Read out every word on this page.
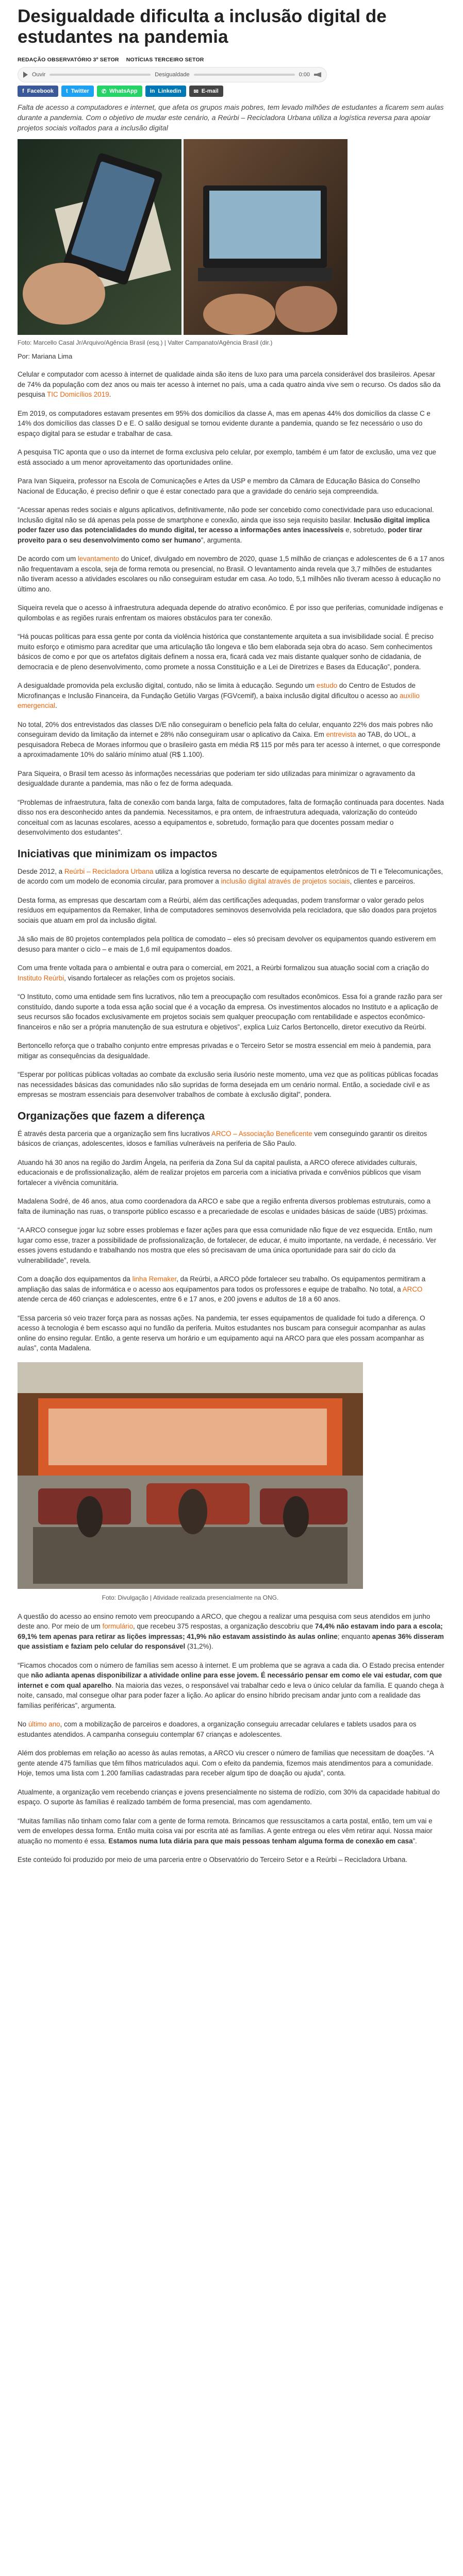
Desigualdade dificulta a inclusão digital de estudantes na pandemia
REDAÇÃO OBSERVATÓRIO 3º SETOR NOTÍCIAS TERCEIRO SETOR
Ouvir	Desigualdade	0:00
f Facebook t Twitter ✆ WhatsApp in Linkedin ✉ E-mail

Falta de acesso a computadores e internet, que afeta os grupos mais pobres, tem levado milhões de estudantes a ficarem sem aulas durante a pandemia. Com o objetivo de mudar este cenário, a Reúrbi – Recicladora Urbana utiliza a logística reversa para apoiar projetos sociais voltados para a inclusão digital

Foto: Marcello Casal Jr/Arquivo/Agência Brasil (esq.) | Valter Campanato/Agência Brasil (dir.)
Por: Mariana Lima

Celular e computador com acesso à internet de qualidade ainda são itens de luxo para uma parcela considerável dos brasileiros. Apesar de 74% da população com dez anos ou mais ter acesso à internet no país, uma a cada quatro ainda vive sem o recurso. Os dados são da pesquisa TIC Domicílios 2019.

Em 2019, os computadores estavam presentes em 95% dos domicílios da classe A, mas em apenas 44% dos domicílios da classe C e 14% dos domicílios das classes D e E. O salão desigual se tornou evidente durante a pandemia, quando se fez necessário o uso do espaço digital para se estudar e trabalhar de casa.

A pesquisa TIC aponta que o uso da internet de forma exclusiva pelo celular, por exemplo, também é um fator de exclusão, uma vez que está associado a um menor aproveitamento das oportunidades online.

Para Ivan Siqueira, professor na Escola de Comunicações e Artes da USP e membro da Câmara de Educação Básica do Conselho Nacional de Educação, é preciso definir o que é estar conectado para que a gravidade do cenário seja compreendida.

“Acessar apenas redes sociais e alguns aplicativos, definitivamente, não pode ser concebido como conectividade para uso educacional. Inclusão digital não se dá apenas pela posse de smartphone e conexão, ainda que isso seja requisito basilar. Inclusão digital implica poder fazer uso das potencialidades do mundo digital, ter acesso a informações antes inacessíveis e, sobretudo, poder tirar proveito para o seu desenvolvimento como ser humano”, argumenta.

De acordo com um levantamento do Unicef, divulgado em novembro de 2020, quase 1,5 milhão de crianças e adolescentes de 6 a 17 anos não frequentavam a escola, seja de forma remota ou presencial, no Brasil. O levantamento ainda revela que 3,7 milhões de estudantes não tiveram acesso a atividades escolares ou não conseguiram estudar em casa. Ao todo, 5,1 milhões não tiveram acesso à educação no último ano.

Siqueira revela que o acesso à infraestrutura adequada depende do atrativo econômico. É por isso que periferias, comunidade indígenas e quilombolas e as regiões rurais enfrentam os maiores obstáculos para ter conexão.

“Há poucas políticas para essa gente por conta da violência histórica que constantemente arquiteta a sua invisibilidade social. É preciso muito esforço e otimismo para acreditar que uma articulação tão longeva e tão bem elaborada seja obra do acaso. Sem conhecimentos básicos de como e por que os artefatos digitais definem a nossa era, ficará cada vez mais distante qualquer sonho de cidadania, de democracia e de pleno desenvolvimento, como promete a nossa Constituição e a Lei de Diretrizes e Bases da Educação”, pondera.

A desigualdade promovida pela exclusão digital, contudo, não se limita à educação. Segundo um estudo do Centro de Estudos de Microfinanças e Inclusão Financeira, da Fundação Getúlio Vargas (FGVcemif), a baixa inclusão digital dificultou o acesso ao auxílio emergencial.

No total, 20% dos entrevistados das classes D/E não conseguiram o benefício pela falta do celular, enquanto 22% dos mais pobres não conseguiram devido da limitação da internet e 28% não conseguiram usar o aplicativo da Caixa. Em entrevista ao TAB, do UOL, a pesquisadora Rebeca de Moraes informou que o brasileiro gasta em média R$ 115 por mês para ter acesso à internet, o que corresponde a aproximadamente 10% do salário mínimo atual (R$ 1.100).

Para Siqueira, o Brasil tem acesso às informações necessárias que poderiam ter sido utilizadas para minimizar o agravamento da desigualdade durante a pandemia, mas não o fez de forma adequada.

“Problemas de infraestrutura, falta de conexão com banda larga, falta de computadores, falta de formação continuada para docentes. Nada disso nos era desconhecido antes da pandemia. Necessitamos, e pra ontem, de infraestrutura adequada, valorização do conteúdo conceitual com as lacunas escolares, acesso a equipamentos e, sobretudo, formação para que docentes possam mediar o desenvolvimento dos estudantes”.

Iniciativas que minimizam os impactos

Desde 2012, a Reúrbi – Recicladora Urbana utiliza a logística reversa no descarte de equipamentos eletrônicos de TI e Telecomunicações, de acordo com um modelo de economia circular, para promover a inclusão digital através de projetos sociais, clientes e parceiros.

Desta forma, as empresas que descartam com a Reúrbi, além das certificações adequadas, podem transformar o valor gerado pelos resíduos em equipamentos da Remaker, linha de computadores seminovos desenvolvida pela recicladora, que são doados para projetos sociais que atuam em prol da inclusão digital.

Já são mais de 80 projetos contemplados pela política de comodato – eles só precisam devolver os equipamentos quando estiverem em desuso para manter o ciclo – e mais de 1,6 mil equipamentos doados.

Com uma frente voltada para o ambiental e outra para o comercial, em 2021, a Reúrbi formalizou sua atuação social com a criação do Instituto Reúrbi, visando fortalecer as relações com os projetos sociais.

“O Instituto, como uma entidade sem fins lucrativos, não tem a preocupação com resultados econômicos. Essa foi a grande razão para ser constituído, dando suporte a toda essa ação social que é a vocação da empresa. Os investimentos alocados no Instituto e a aplicação de seus recursos são focados exclusivamente em projetos sociais sem qualquer preocupação com rentabilidade e aspectos econômico-financeiros e não ser a própria manutenção de sua estrutura e objetivos”, explica Luiz Carlos Bertoncello, diretor executivo da Reúrbi.

Bertoncello reforça que o trabalho conjunto entre empresas privadas e o Terceiro Setor se mostra essencial em meio à pandemia, para mitigar as consequências da desigualdade.

“Esperar por políticas públicas voltadas ao combate da exclusão seria ilusório neste momento, uma vez que as políticas públicas focadas nas necessidades básicas das comunidades não são supridas de forma desejada em um cenário normal. Então, a sociedade civil e as empresas se mostram essenciais para desenvolver trabalhos de combate à exclusão digital”, pondera.

Organizações que fazem a diferença

É através desta parceria que a organização sem fins lucrativos ARCO – Associação Beneficente vem conseguindo garantir os direitos básicos de crianças, adolescentes, idosos e famílias vulneráveis na periferia de São Paulo.

Atuando há 30 anos na região do Jardim Ângela, na periferia da Zona Sul da capital paulista, a ARCO oferece atividades culturais, educacionais e de profissionalização, além de realizar projetos em parceria com a iniciativa privada e convênios públicos que visam fortalecer a vivência comunitária.

Madalena Sodré, de 46 anos, atua como coordenadora da ARCO e sabe que a região enfrenta diversos problemas estruturais, como a falta de iluminação nas ruas, o transporte público escasso e a precariedade de escolas e unidades básicas de saúde (UBS) próximas.

“A ARCO consegue jogar luz sobre esses problemas e fazer ações para que essa comunidade não fique de vez esquecida. Então, num lugar como esse, trazer a possibilidade de profissionalização, de fortalecer, de educar, é muito importante, na verdade, é necessário. Ver esses jovens estudando e trabalhando nos mostra que eles só precisavam de uma única oportunidade para sair do ciclo da vulnerabilidade”, revela.

Com a doação dos equipamentos da linha Remaker, da Reúrbi, a ARCO pôde fortalecer seu trabalho. Os equipamentos permitiram a ampliação das salas de informática e o acesso aos equipamentos para todos os professores e equipe de trabalho. No total, a ARCO atende cerca de 460 crianças e adolescentes, entre 6 e 17 anos, e 200 jovens e adultos de 18 a 60 anos.

“Essa parceria só veio trazer força para as nossas ações. Na pandemia, ter esses equipamentos de qualidade foi tudo a diferença. O acesso à tecnologia é bem escasso aqui no fundão da periferia. Muitos estudantes nos buscam para conseguir acompanhar as aulas online do ensino regular. Então, a gente reserva um horário e um equipamento aqui na ARCO para que eles possam acompanhar as aulas”, conta Madalena.

Foto: Divulgação | Atividade realizada presencialmente na ONG.

A questão do acesso ao ensino remoto vem preocupando a ARCO, que chegou a realizar uma pesquisa com seus atendidos em junho deste ano. Por meio de um formulário, que recebeu 375 respostas, a organização descobriu que 74,4% não estavam indo para a escola; 69,1% tem apenas para retirar as lições impressas; 41,9% não estavam assistindo às aulas online; enquanto apenas 36% disseram que assistiam e faziam pelo celular do responsável (31,2%).

“Ficamos chocados com o número de famílias sem acesso à internet. E um problema que se agrava a cada dia. O Estado precisa entender que não adianta apenas disponibilizar a atividade online para esse jovem. É necessário pensar em como ele vai estudar, com que internet e com qual aparelho. Na maioria das vezes, o responsável vai trabalhar cedo e leva o único celular da família. E quando chega à noite, cansado, mal consegue olhar para poder fazer a lição. Ao aplicar do ensino híbrido precisam andar junto com a realidade das famílias periféricas”, argumenta.

No último ano, com a mobilização de parceiros e doadores, a organização conseguiu arrecadar celulares e tablets usados para os estudantes atendidos. A campanha conseguiu contemplar 67 crianças e adolescentes.

Além dos problemas em relação ao acesso às aulas remotas, a ARCO viu crescer o número de famílias que necessitam de doações. “A gente atende 475 famílias que têm filhos matriculados aqui. Com o efeito da pandemia, fizemos mais atendimentos para a comunidade. Hoje, temos uma lista com 1.200 famílias cadastradas para receber algum tipo de doação ou ajuda”, conta.

Atualmente, a organização vem recebendo crianças e jovens presencialmente no sistema de rodízio, com 30% da capacidade habitual do espaço. O suporte às famílias é realizado também de forma presencial, mas com agendamento.

“Muitas famílias não tinham como falar com a gente de forma remota. Brincamos que ressuscitamos a carta postal, então, tem um vai e vem de envelopes dessa forma. Então muita coisa vai por escrita até as famílias. A gente entrega ou eles vêm retirar aqui. Nossa maior atuação no momento é essa. Estamos numa luta diária para que mais pessoas tenham alguma forma de conexão em casa”.

Este conteúdo foi produzido por meio de uma parceria entre o Observatório do Terceiro Setor e a Reúrbi – Recicladora Urbana.
